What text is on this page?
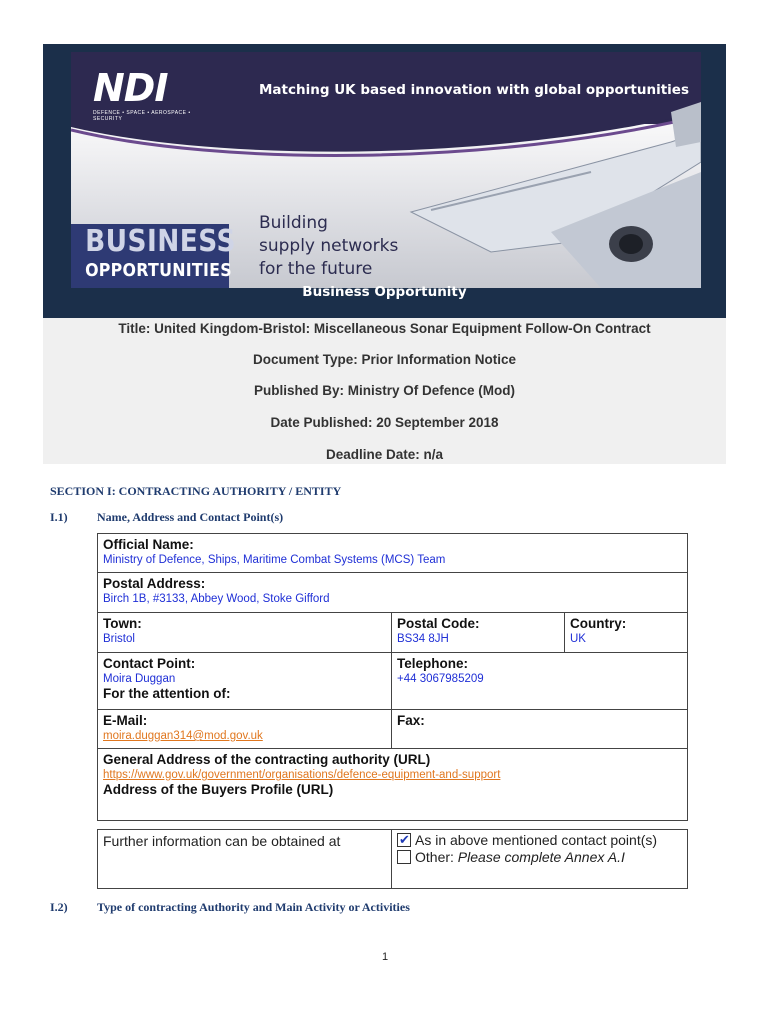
NDI
DEFENCE • SPACE • AEROSPACE • SECURITY
Matching UK based innovation with global opportunities
BUSINESS
OPPORTUNITIES
Building
supply networks
for the future
Business Opportunity
Title: United Kingdom-Bristol: Miscellaneous Sonar Equipment Follow-On Contract
Document Type: Prior Information Notice
Published By: Ministry Of Defence (Mod)
Date Published: 20 September 2018
Deadline Date: n/a
SECTION I: CONTRACTING AUTHORITY / ENTITY
I.1) Name, Address and Contact Point(s)
Official Name:
Ministry of Defence, Ships, Maritime Combat Systems (MCS) Team
Postal Address:
Birch 1B, #3133, Abbey Wood, Stoke Gifford
Town:
Bristol
Postal Code:
BS34 8JH
Country:
UK
Contact Point:
Moira Duggan
For the attention of:
Telephone:
+44 3067985209
E-Mail:
moira.duggan314@mod.gov.uk
Fax:
General Address of the contracting authority (URL)
https://www.gov.uk/government/organisations/defence-equipment-and-support
Address of the Buyers Profile (URL)
Further information can be obtained at
✔	As in above mentioned contact point(s)
Other: Please complete Annex A.I
I.2) Type of contracting Authority and Main Activity or Activities
1
